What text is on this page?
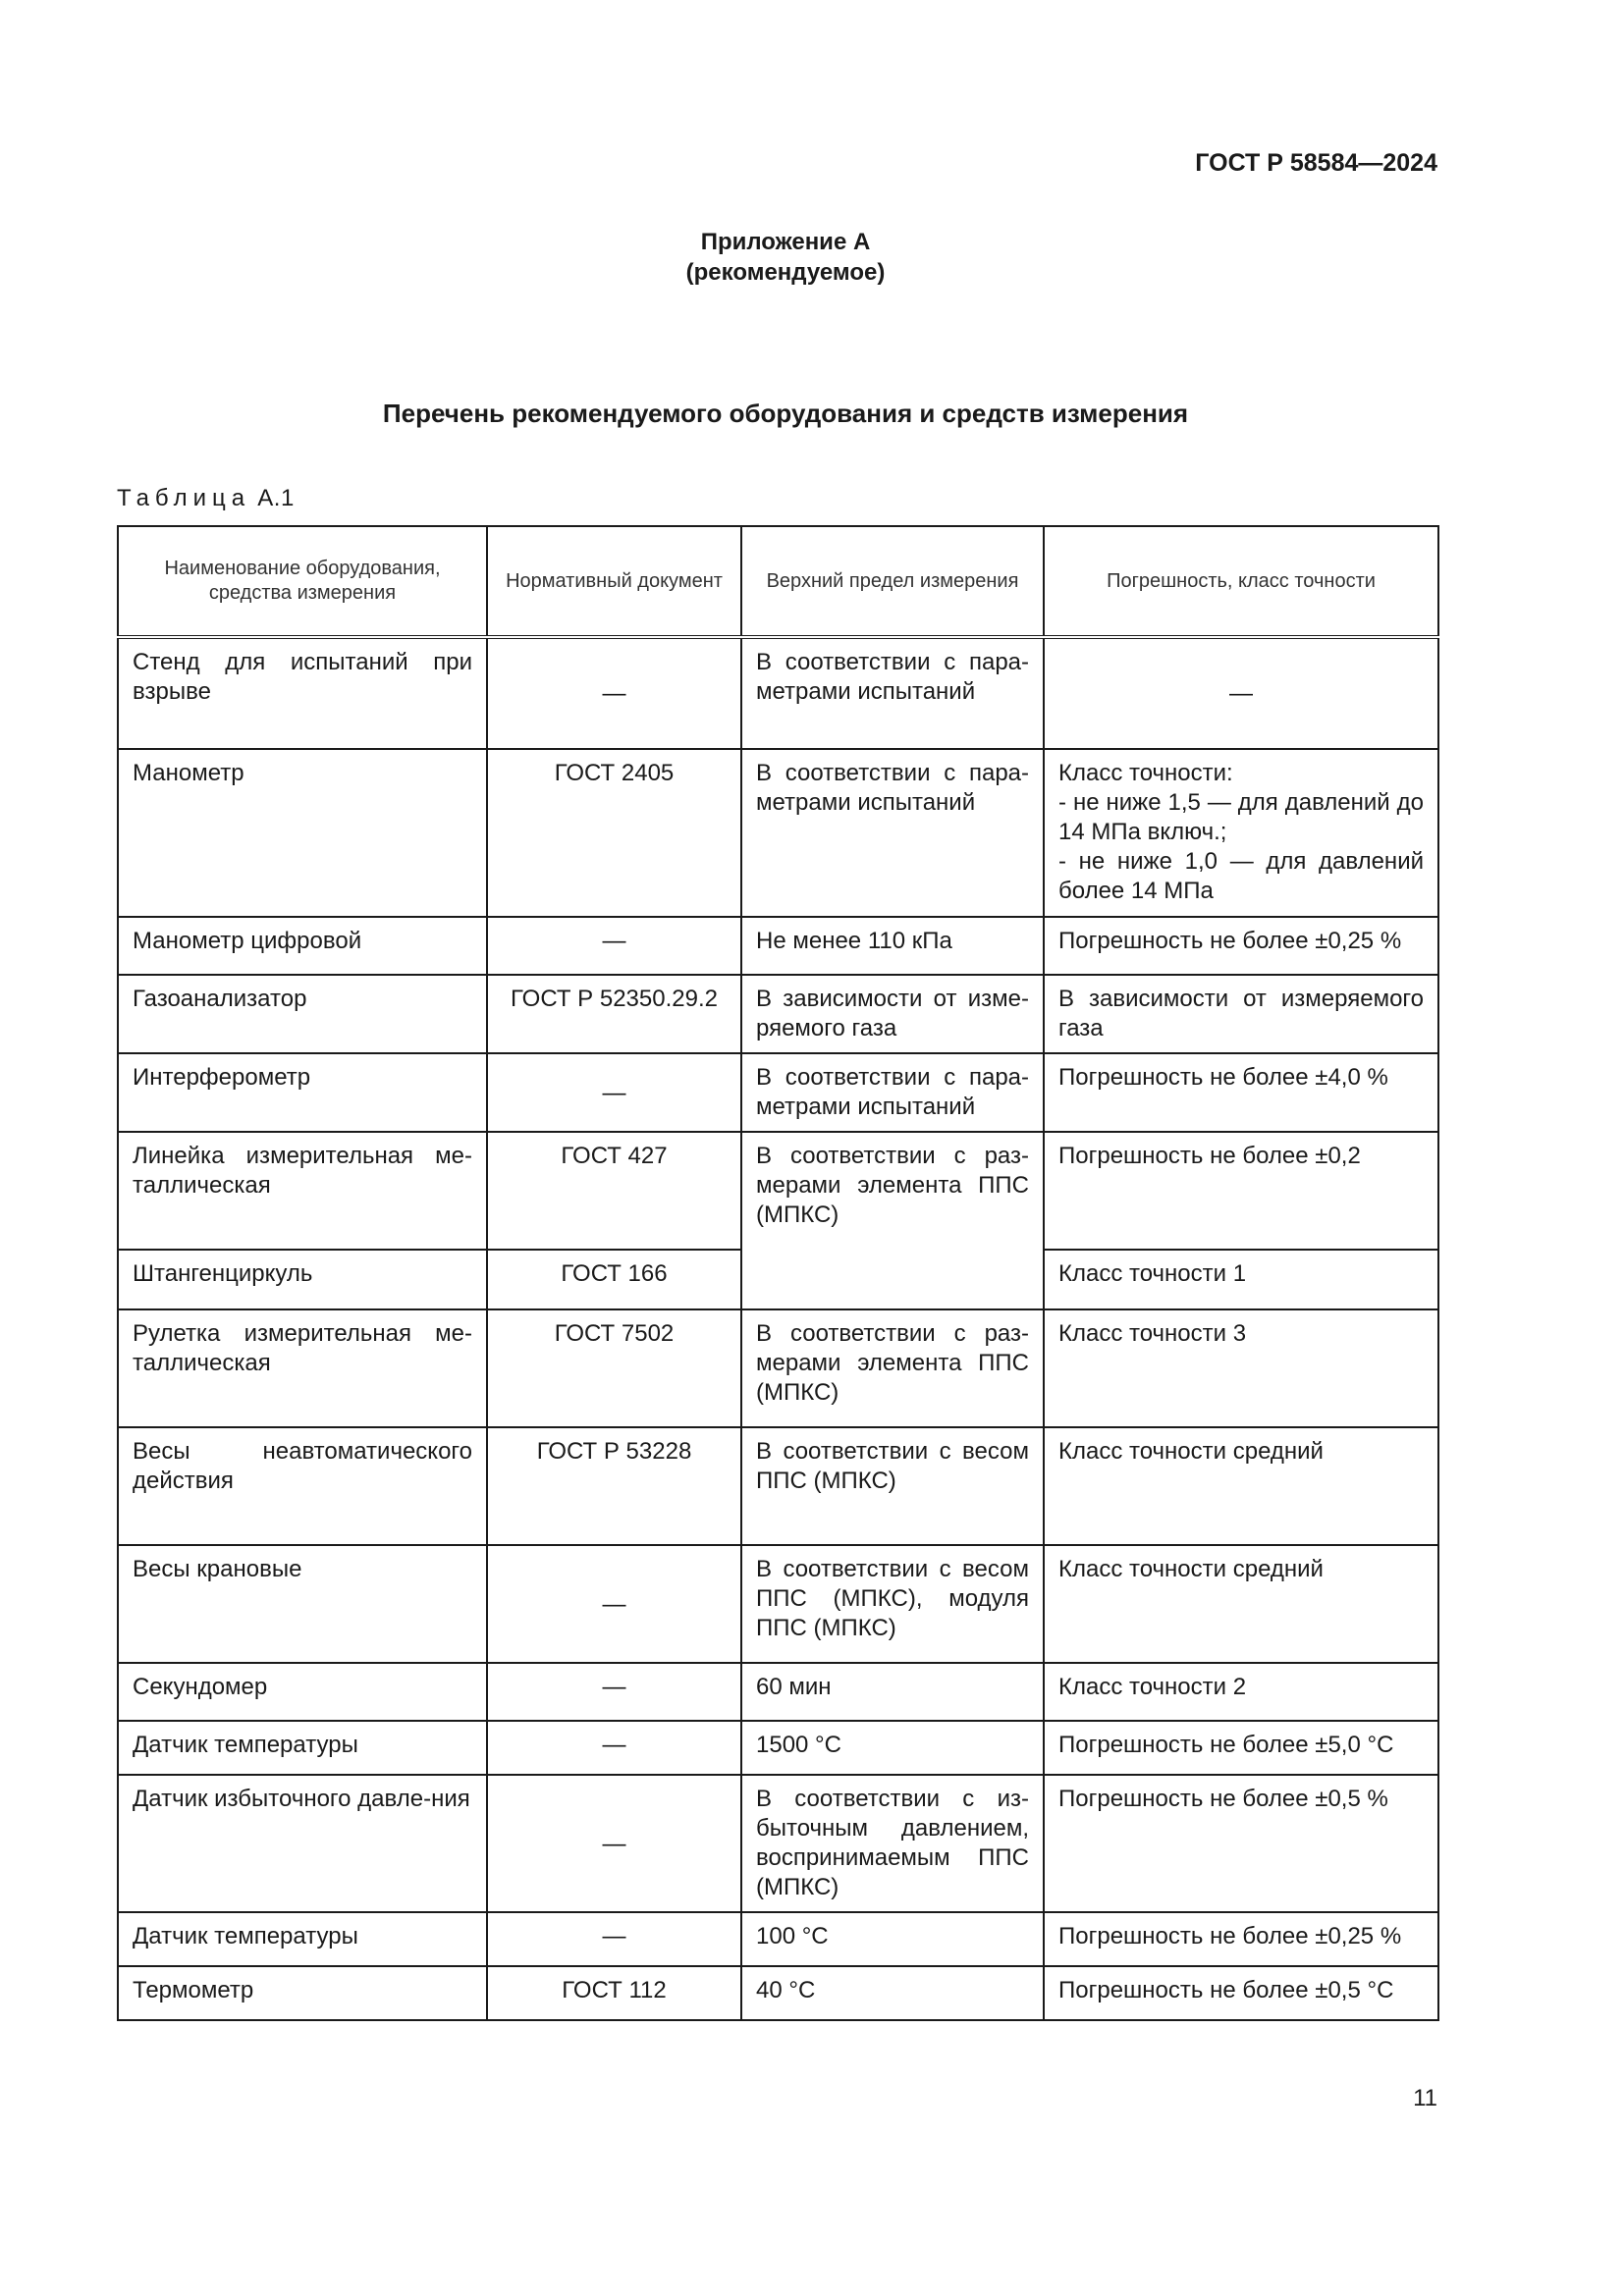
ГОСТ Р 58584—2024
Приложение А
(рекомендуемое)
Перечень рекомендуемого оборудования и средств измерения
Таблица А.1
Наименование оборудования, средства измерения	Нормативный документ	Верхний предел измерения	Погрешность, класс точности
Стенд для испытаний при взрыве	—	В соответствии с пара-метрами испытаний	—
Манометр	ГОСТ 2405	В соответствии с пара-метрами испытаний	Класс точности:
- не ниже 1,5 — для давлений до 14 МПа включ.;
- не ниже 1,0 — для давлений более 14 МПа

Манометр цифровой	—	Не менее 110 кПа	Погрешность не более ±0,25 %
Газоанализатор	ГОСТ Р 52350.29.2	В зависимости от изме-ряемого газа	В зависимости от измеряемого газа
Интерферометр	—	В соответствии с пара-метрами испытаний	Погрешность не более ±4,0 %
Линейка измерительная ме-таллическая	ГОСТ 427	В соответствии с раз-мерами элемента ППС (МПКС)	Погрешность не более ±0,2
Штангенциркуль	ГОСТ 166		Класс точности 1
Рулетка измерительная ме-таллическая	ГОСТ 7502	В соответствии с раз-мерами элемента ППС (МПКС)	Класс точности 3
Весы неавтоматического действия	ГОСТ Р 53228	В соответствии с весом ППС (МПКС)	Класс точности средний
Весы крановые	—	В соответствии с весом ППС (МПКС), модуля ППС (МПКС)	Класс точности средний
Секундомер	—	60 мин	Класс точности 2
Датчик температуры	—	1500 °С	Погрешность не более ±5,0 °С
Датчик избыточного давле-ния	—	В соответствии с из-быточным давлением, воспринимаемым ППС (МПКС)	Погрешность не более ±0,5 %
Датчик температуры	—	100 °С	Погрешность не более ±0,25 %
Термометр	ГОСТ 112	40 °С	Погрешность не более ±0,5 °С
11
